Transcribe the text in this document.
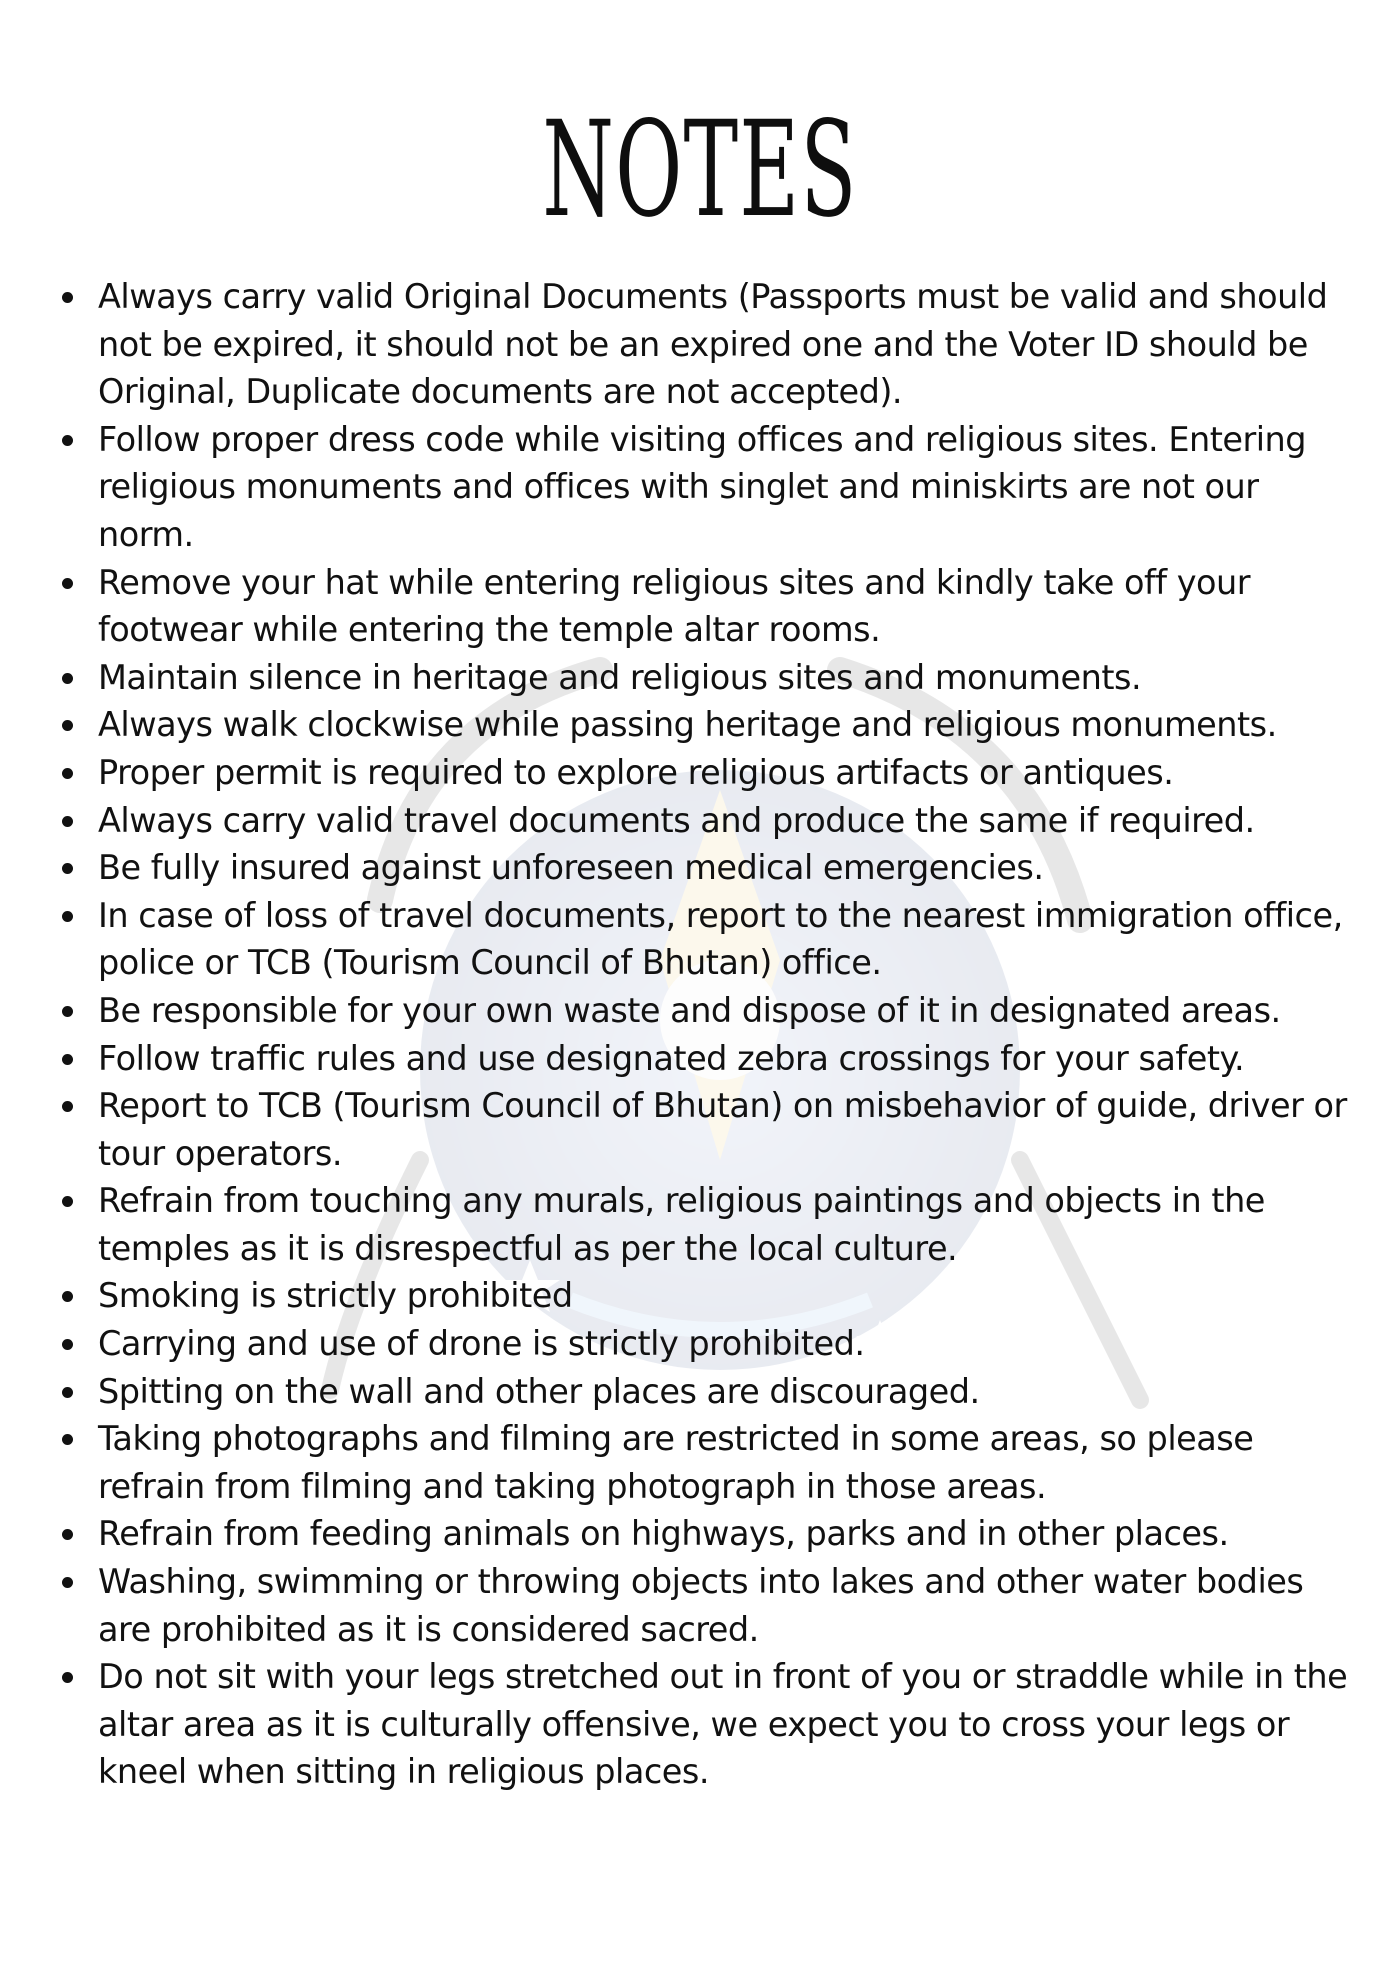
NOTES
Always carry valid Original Documents (Passports must be valid and should not be expired, it should not be an expired one and the Voter ID should be Original, Duplicate documents are not accepted).
Follow proper dress code while visiting offices and religious sites. Entering religious monuments and offices with singlet and miniskirts are not our norm.
Remove your hat while entering religious sites and kindly take off your footwear while entering the temple altar rooms.
Maintain silence in heritage and religious sites and monuments.
Always walk clockwise while passing heritage and religious monuments.
Proper permit is required to explore religious artifacts or antiques.
Always carry valid travel documents and produce the same if required.
Be fully insured against unforeseen medical emergencies.
In case of loss of travel documents, report to the nearest immigration office, police or TCB (Tourism Council of Bhutan) office.
Be responsible for your own waste and dispose of it in designated areas.
Follow traffic rules and use designated zebra crossings for your safety.
Report to TCB (Tourism Council of Bhutan) on misbehavior of guide, driver or tour operators.
Refrain from touching any murals, religious paintings and objects in the temples as it is disrespectful as per the local culture.
Smoking is strictly prohibited
Carrying and use of drone is strictly prohibited.
Spitting on the wall and other places are discouraged.
Taking photographs and filming are restricted in some areas, so please refrain from filming and taking photograph in those areas.
Refrain from feeding animals on highways, parks and in other places.
Washing, swimming or throwing objects into lakes and other water bodies are prohibited as it is considered sacred.
Do not sit with your legs stretched out in front of you or straddle while in the altar area as it is culturally offensive, we expect you to cross your legs or kneel when sitting in religious places.
